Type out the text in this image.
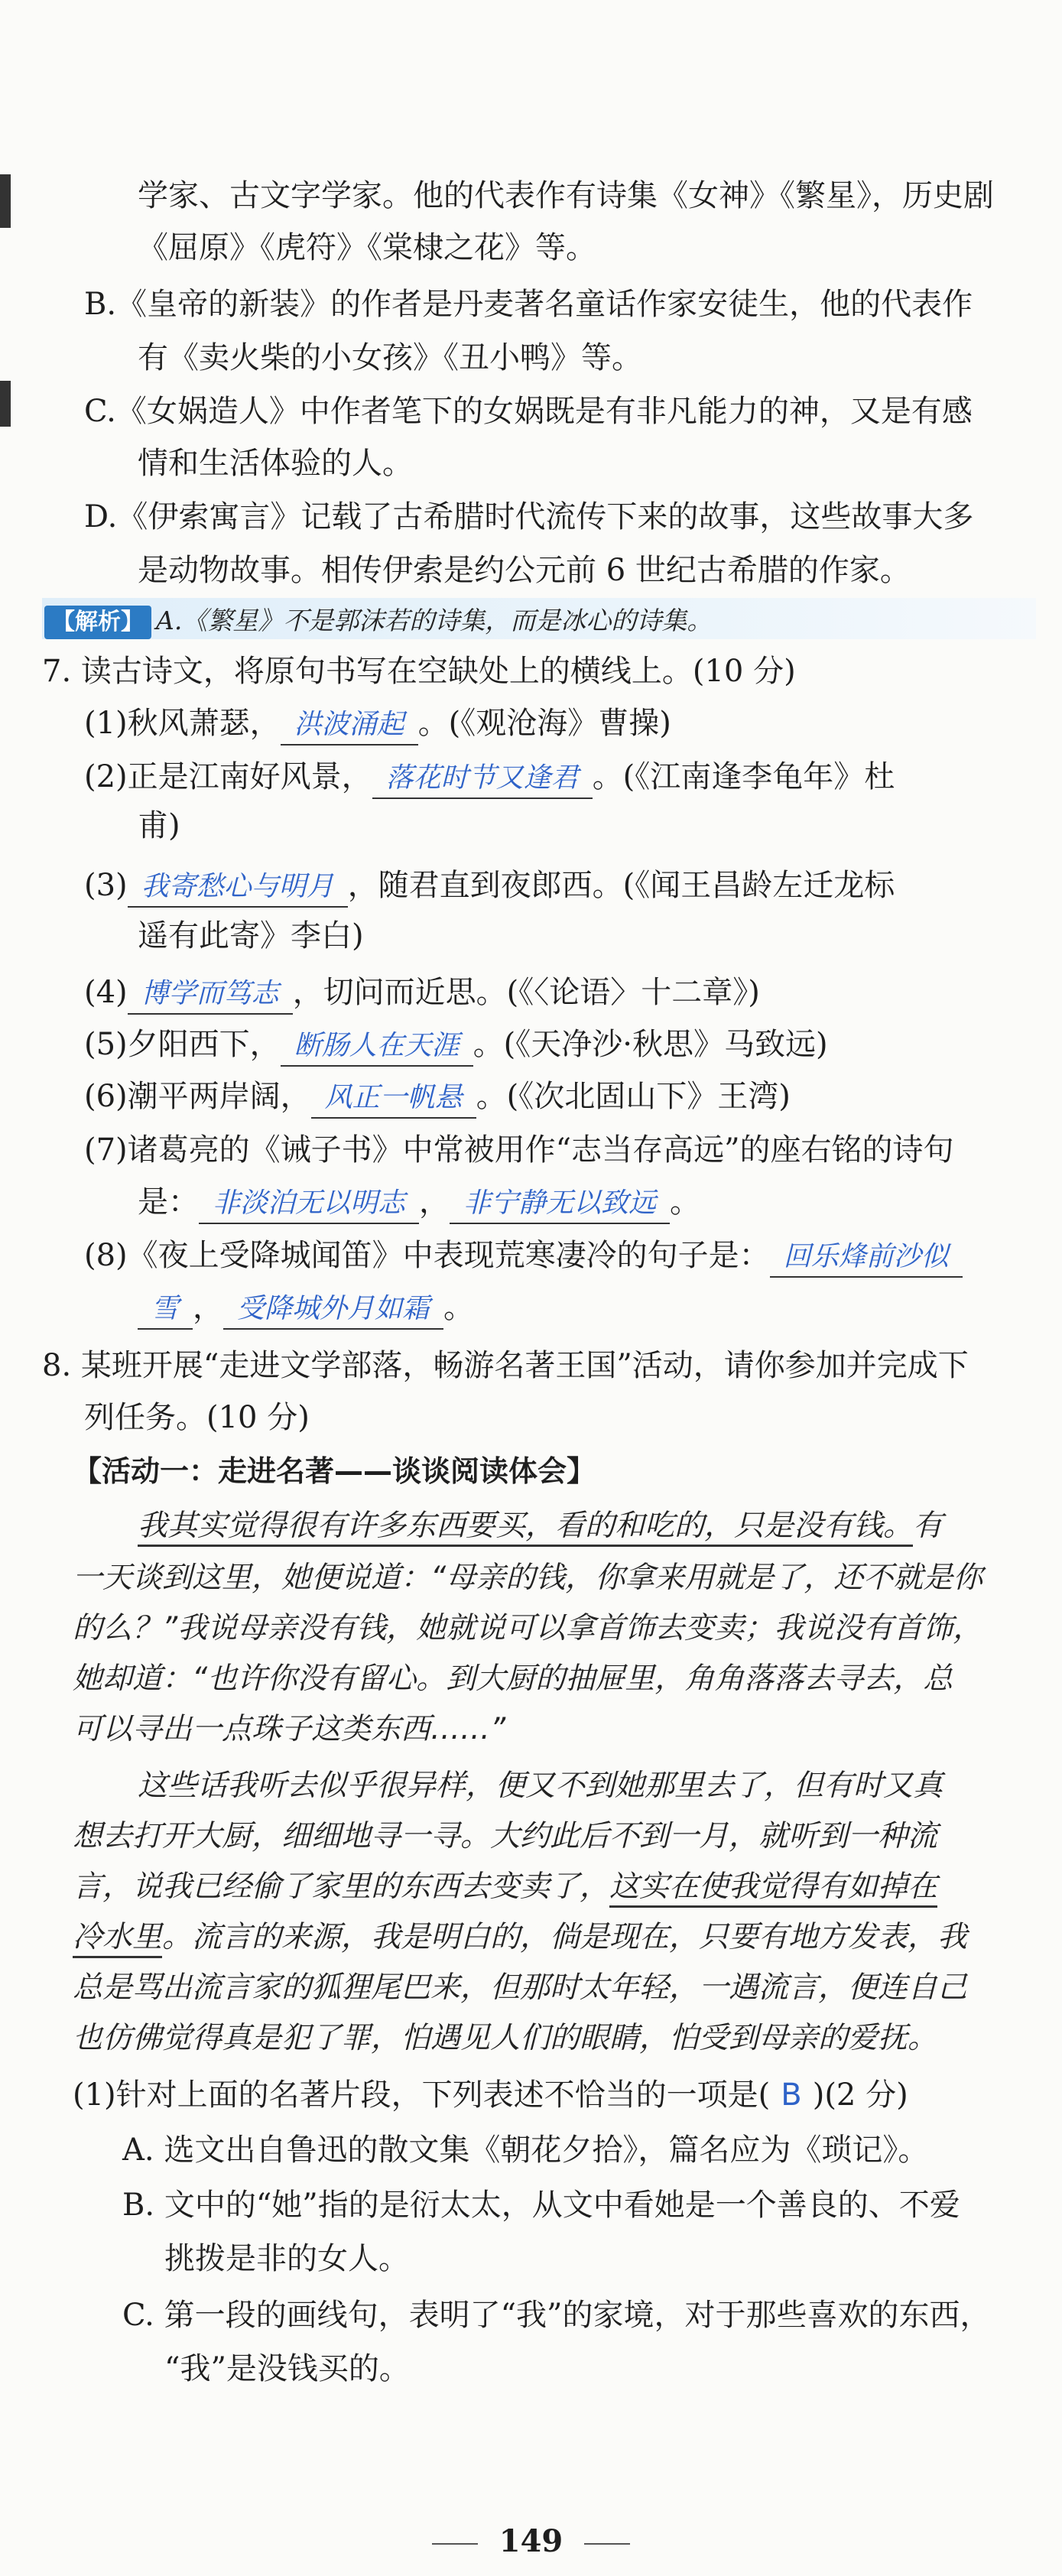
学家、古文字学家。他的代表作有诗集《女神》《繁星》，历史剧
《屈原》《虎符》《棠棣之花》等。
B.《皇帝的新装》的作者是丹麦著名童话作家安徒生，他的代表作
有《卖火柴的小女孩》《丑小鸭》等。
C.《女娲造人》中作者笔下的女娲既是有非凡能力的神，又是有感
情和生活体验的人。
D.《伊索寓言》记载了古希腊时代流传下来的故事，这些故事大多
是动物故事。相传伊索是约公元前 6 世纪古希腊的作家。
【解析】 A.《繁星》不是郭沫若的诗集，而是冰心的诗集。
7. 读古诗文，将原句书写在空缺处上的横线上。(10 分)
(1)秋风萧瑟， 洪波涌起 。(《观沧海》曹操)
(2)正是江南好风景， 落花时节又逢君 。(《江南逢李龟年》杜
甫)
(3) 我寄愁心与明月 ，随君直到夜郎西。(《闻王昌龄左迁龙标
遥有此寄》李白)
(4) 博学而笃志 ，切问而近思。(《〈论语〉十二章》)
(5)夕阳西下， 断肠人在天涯 。(《天净沙·秋思》马致远)
(6)潮平两岸阔， 风正一帆悬 。(《次北固山下》王湾)
(7)诸葛亮的《诫子书》中常被用作“志当存高远”的座右铭的诗句
是： 非淡泊无以明志 ， 非宁静无以致远 。
(8)《夜上受降城闻笛》中表现荒寒凄冷的句子是： 回乐烽前沙似
雪 ， 受降城外月如霜 。
8. 某班开展“走进文学部落，畅游名著王国”活动，请你参加并完成下
列任务。(10 分)
【活动一：走进名著——谈谈阅读体会】
我其实觉得很有许多东西要买，看的和吃的，只是没有钱。有
一天谈到这里，她便说道：“母亲的钱，你拿来用就是了，还不就是你
的么？”我说母亲没有钱，她就说可以拿首饰去变卖；我说没有首饰，
她却道：“也许你没有留心。到大厨的抽屉里，角角落落去寻去，总
可以寻出一点珠子这类东西……”
这些话我听去似乎很异样，便又不到她那里去了，但有时又真
想去打开大厨，细细地寻一寻。大约此后不到一月，就听到一种流
言，说我已经偷了家里的东西去变卖了，这实在使我觉得有如掉在
冷水里。流言的来源，我是明白的，倘是现在，只要有地方发表，我
总是骂出流言家的狐狸尾巴来，但那时太年轻，一遇流言，便连自己
也仿佛觉得真是犯了罪，怕遇见人们的眼睛，怕受到母亲的爱抚。
(1)针对上面的名著片段，下列表述不恰当的一项是( B )(2 分)
A. 选文出自鲁迅的散文集《朝花夕拾》，篇名应为《琐记》。
B. 文中的“她”指的是衍太太，从文中看她是一个善良的、不爱
挑拨是非的女人。
C. 第一段的画线句，表明了“我”的家境，对于那些喜欢的东西，
“我”是没钱买的。
149
